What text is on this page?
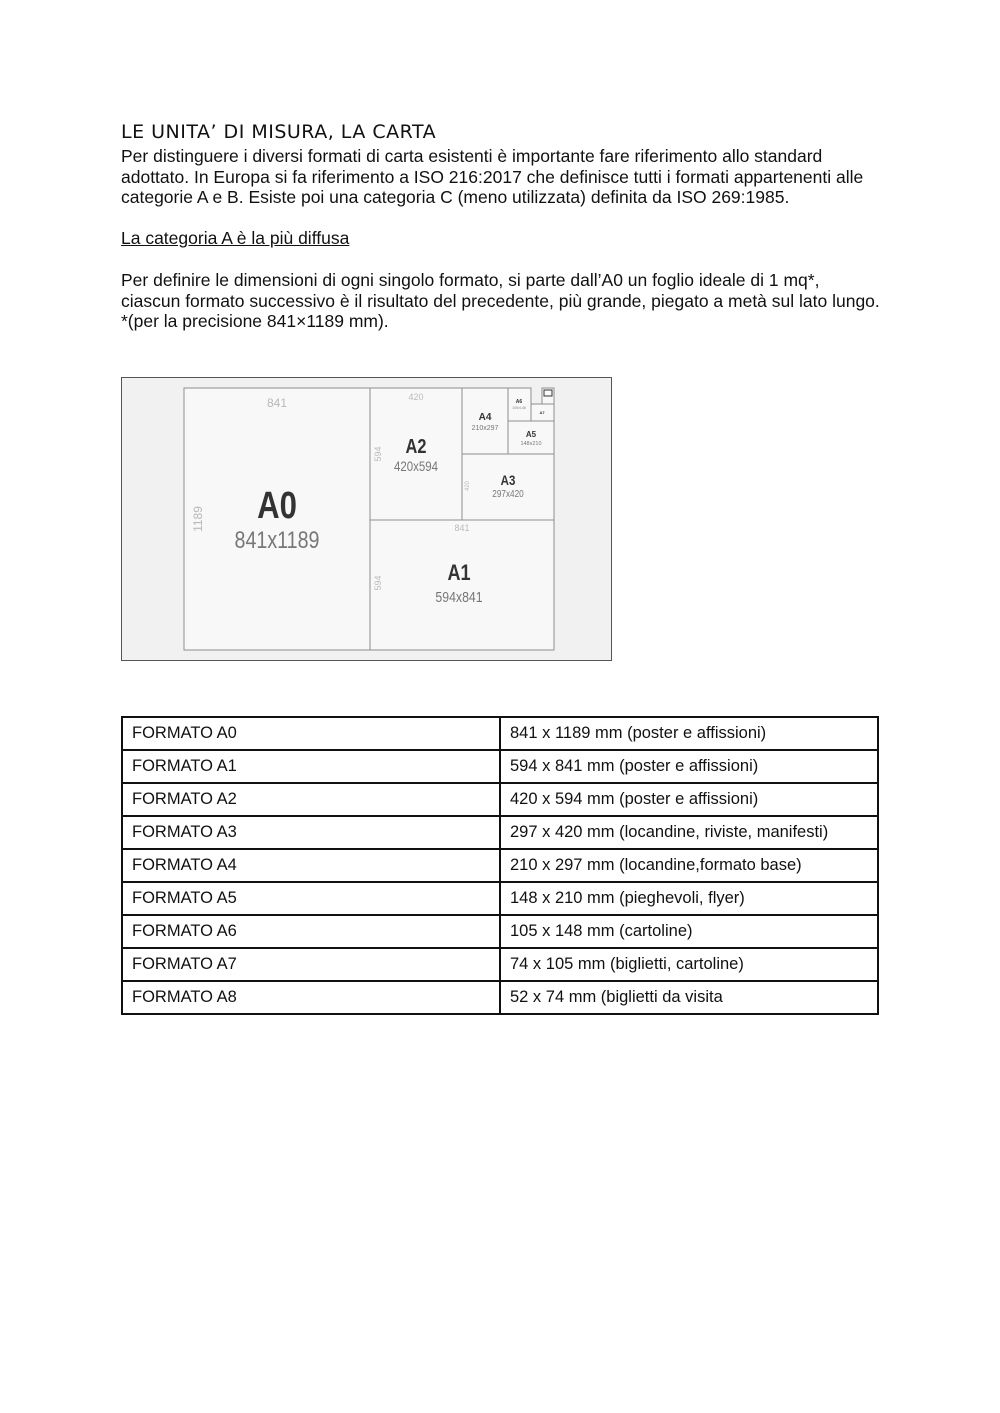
LE UNITA’ DI MISURA, LA CARTA

Per distinguere i diversi formati di carta esistenti è importante fare riferimento allo standard adottato. In Europa si fa riferimento a ISO 216:2017 che definisce tutti i formati appartenenti alle categorie A e B. Esiste poi una categoria C (meno utilizzata) definita da ISO 269:1985.

La categoria A è la più diffusa

Per definire le dimensioni di ogni singolo formato, si parte dall’A0 un foglio ideale di 1 mq*, ciascun formato successivo è il risultato del precedente, più grande, piegato a metà sul lato lungo. *(per la precisione 841×1189 mm).

841
1189 A0
841x1189
420
594 A2
420x594
841
594	A1
594x841
420 A3
297x420
A4
210x297
A5
148x210
A6
105x148
A7
FORMATO A0	841 x 1189 mm (poster e affissioni)
FORMATO A1	594 x 841 mm (poster e affissioni)
FORMATO A2	420 x 594 mm (poster e affissioni)
FORMATO A3	297 x 420 mm (locandine, riviste, manifesti)
FORMATO A4	210 x 297 mm (locandine,formato base)
FORMATO A5	148 x 210 mm (pieghevoli, flyer)
FORMATO A6	105 x 148 mm (cartoline)
FORMATO A7	74 x 105 mm (biglietti, cartoline)
FORMATO A8	52 x 74 mm (biglietti da visita
